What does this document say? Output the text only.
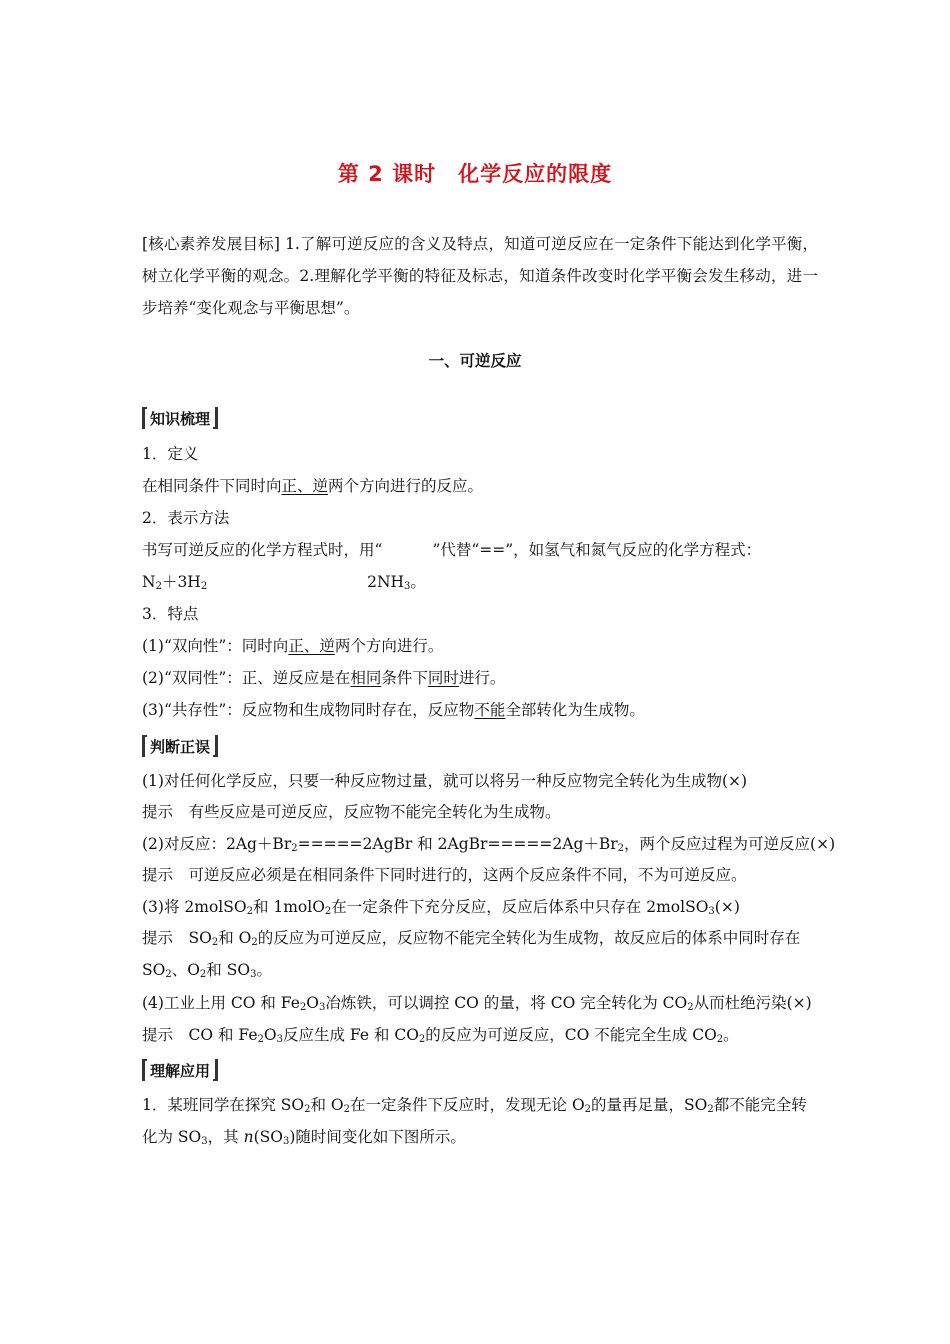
第 2 课时 化学反应的限度
[核心素养发展目标] 1.了解可逆反应的含义及特点，知道可逆反应在一定条件下能达到化学平衡，树立化学平衡的观念。2.理解化学平衡的特征及标志，知道条件改变时化学平衡会发生移动，进一步培养“变化观念与平衡思想”。
一、可逆反应
知识梳理
1．定义
在相同条件下同时向正、逆两个方向进行的反应。
2．表示方法
书写可逆反应的化学方程式时，用“	”代替“==”，如氢气和氮气反应的化学方程式：
$N_2+3H_2$	$2NH_3$。
3．特点
(1)“双向性”：同时向正、逆两个方向进行。
(2)“双同性”：正、逆反应是在相同条件下同时进行。
(3)“共存性”：反应物和生成物同时存在，反应物不能全部转化为生成物。
判断正误
(1)对任何化学反应，只要一种反应物过量，就可以将另一种反应物完全转化为生成物(×)
提示　有些反应是可逆反应，反应物不能完全转化为生成物。
(2)对反应：$2Ag+Br_2=====2AgBr$ 和 $2AgBr=====2Ag+Br_2$，两个反应过程为可逆反应(×)
提示　可逆反应必须是在相同条件下同时进行的，这两个反应条件不同，不为可逆反应。
(3)将 2molSO$_2$和 1molO$_2$在一定条件下充分反应，反应后体系中只存在 2molSO$_3$(×)
提示　$SO_2$和 $O_2$的反应为可逆反应，反应物不能完全转化为生成物，故反应后的体系中同时存在 $SO_2$、$O_2$和 $SO_3$。
(4)工业上用 CO 和 $Fe_2O_3$冶炼铁，可以调控 CO 的量，将 CO 完全转化为 $CO_2$从而杜绝污染(×)
提示　CO 和 $Fe_2O_3$反应生成 Fe 和 $CO_2$的反应为可逆反应，CO 不能完全生成 $CO_2$。
理解应用
1．某班同学在探究 $SO_2$和 $O_2$在一定条件下反应时，发现无论 $O_2$的量再足量，$SO_2$都不能完全转化为 $SO_3$，其 $n(SO_3)$随时间变化如下图所示。
